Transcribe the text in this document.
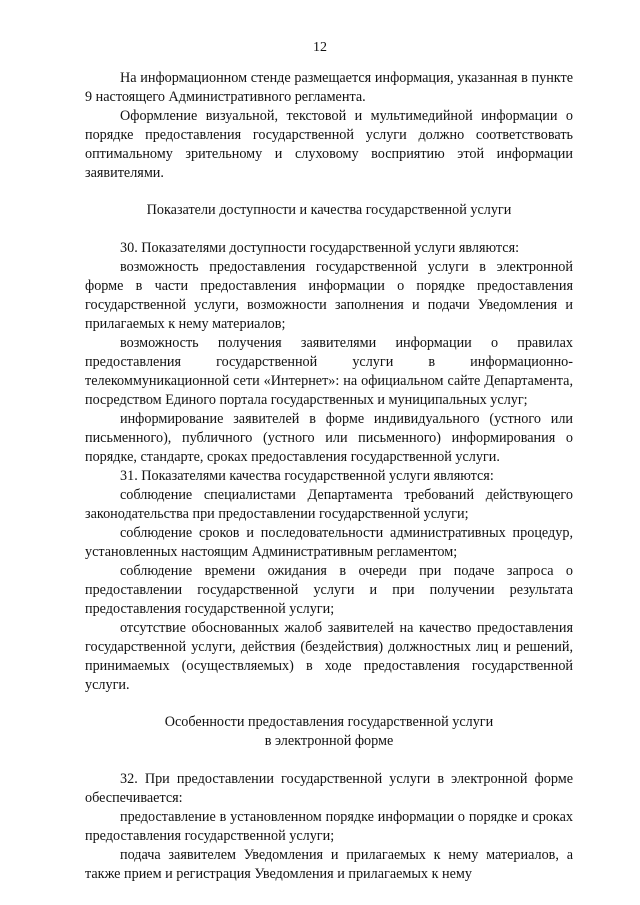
12

На информационном стенде размещается информация, указанная в пункте 9 настоящего Административного регламента.

Оформление визуальной, текстовой и мультимедийной информации о порядке предоставления государственной услуги должно соответствовать оптимальному зрительному и слуховому восприятию этой информации заявителями.

Показатели доступности и качества государственной услуги

30. Показателями доступности государственной услуги являются:

возможность предоставления государственной услуги в электронной форме в части предоставления информации о порядке предоставления государственной услуги, возможности заполнения и подачи Уведомления и прилагаемых к нему материалов;

возможность получения заявителями информации о правилах предоставления государственной услуги в информационно-телекоммуникационной сети «Интернет»: на официальном сайте Департамента, посредством Единого портала государственных и муниципальных услуг;

информирование заявителей в форме индивидуального (устного или письменного), публичного (устного или письменного) информирования о порядке, стандарте, сроках предоставления государственной услуги.

31. Показателями качества государственной услуги являются:

соблюдение специалистами Департамента требований действующего законодательства при предоставлении государственной услуги;

соблюдение сроков и последовательности административных процедур, установленных настоящим Административным регламентом;

соблюдение времени ожидания в очереди при подаче запроса о предоставлении государственной услуги и при получении результата предоставления государственной услуги;

отсутствие обоснованных жалоб заявителей на качество предоставления государственной услуги, действия (бездействия) должностных лиц и решений, принимаемых (осуществляемых) в ходе предоставления государственной услуги.

Особенности предоставления государственной услуги
в электронной форме

32. При предоставлении государственной услуги в электронной форме обеспечивается:

предоставление в установленном порядке информации о порядке и сроках предоставления государственной услуги;

подача заявителем Уведомления и прилагаемых к нему материалов, а также прием и регистрация Уведомления и прилагаемых к нему
